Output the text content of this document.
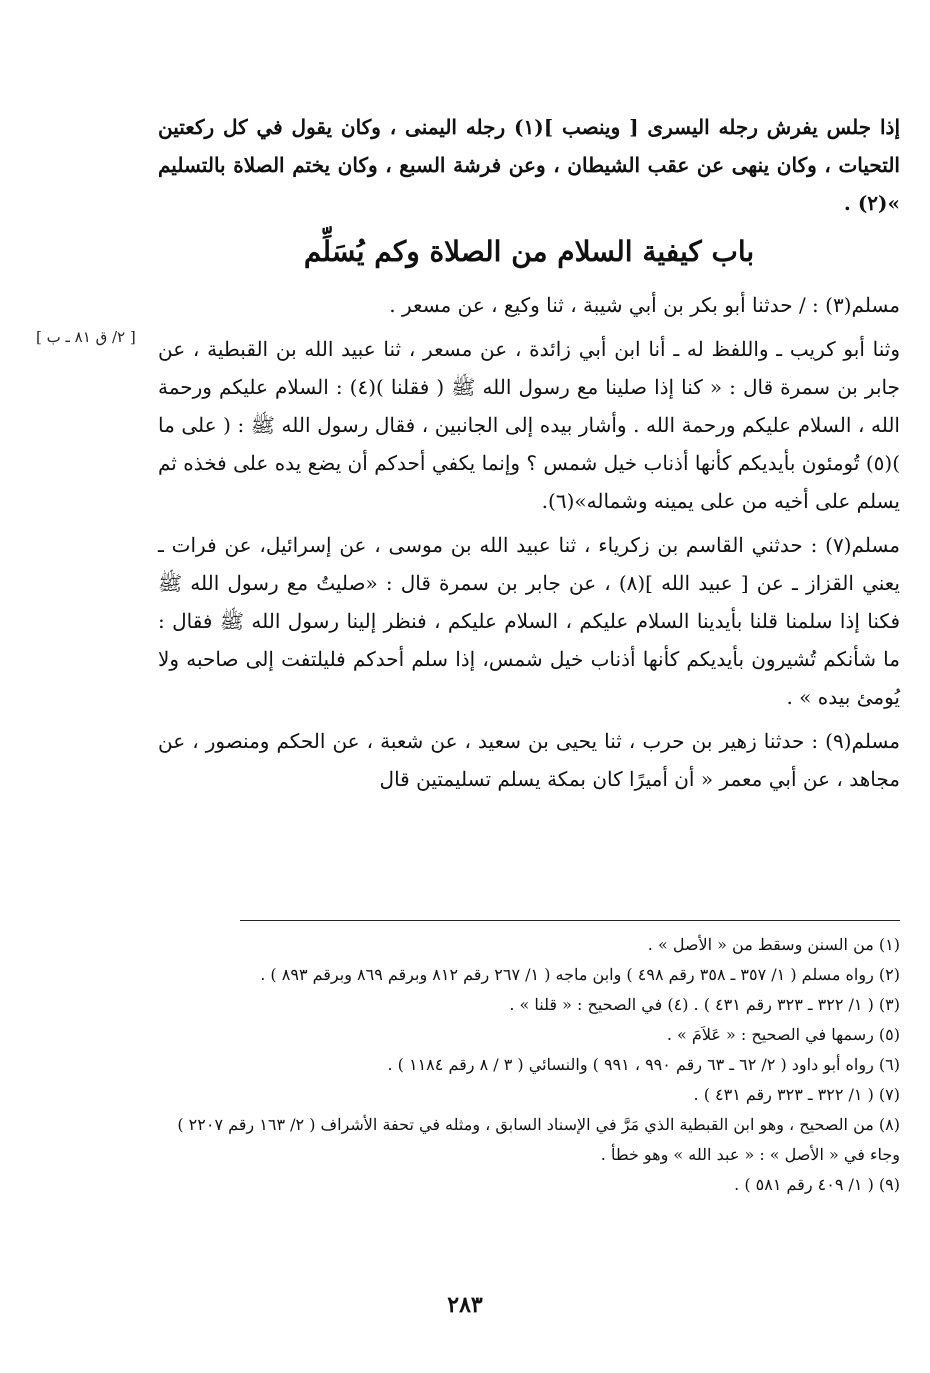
[ ٢/ ق ٨١ ـ ب ]

إذا جلس يفرش رجله اليسرى [ وينصب ](١) رجله اليمنى ، وكان يقول في كل ركعتين التحيات ، وكان ينهى عن عقب الشيطان ، وعن فرشة السبع ، وكان يختم الصلاة بالتسليم »(٢) .

باب كيفية السلام من الصلاة وكم يُسَلِّم

مسلم(٣) : / حدثنا أبو بكر بن أبي شيبة ، ثنا وكيع ، عن مسعر .

وثنا أبو كريب ـ واللفظ له ـ أنا ابن أبي زائدة ، عن مسعر ، ثنا عبيد الله بن القبطية ، عن جابر بن سمرة قال : « كنا إذا صلينا مع رسول الله ﷺ ( فقلنا )(٤) : السلام عليكم ورحمة الله ، السلام عليكم ورحمة الله . وأشار بيده إلى الجانبين ، فقال رسول الله ﷺ : ( على ما )(٥) تُومئون بأيديكم كأنها أذناب خيل شمس ؟ وإنما يكفي أحدكم أن يضع يده على فخذه ثم يسلم على أخيه من على يمينه وشماله»(٦).

مسلم(٧) : حدثني القاسم بن زكرياء ، ثنا عبيد الله بن موسى ، عن إسرائيل، عن فرات ـ يعني القزاز ـ عن [ عبيد الله ](٨) ، عن جابر بن سمرة قال : «صليتُ مع رسول الله ﷺ فكنا إذا سلمنا قلنا بأيدينا السلام عليكم ، السلام عليكم ، فنظر إلينا رسول الله ﷺ فقال : ما شأنكم تُشيرون بأيديكم كأنها أذناب خيل شمس، إذا سلم أحدكم فليلتفت إلى صاحبه ولا يُومئ بيده » .

مسلم(٩) : حدثنا زهير بن حرب ، ثنا يحيى بن سعيد ، عن شعبة ، عن الحكم ومنصور ، عن مجاهد ، عن أبي معمر « أن أميرًا كان بمكة يسلم تسليمتين قال

(١) من السنن وسقط من « الأصل » .

(٢) رواه مسلم ( ١/ ٣٥٧ ـ ٣٥٨ رقم ٤٩٨ ) وابن ماجه ( ١/ ٢٦٧ رقم ٨١٢ وبرقم ٨٦٩ وبرقم ٨٩٣ ) .

(٣) ( ١/ ٣٢٢ ـ ٣٢٣ رقم ٤٣١ ) . (٤) في الصحيح : « قلنا » .

(٥) رسمها في الصحيح : « عَلاَمَ » .

(٦) رواه أبو داود ( ٢/ ٦٢ ـ ٦٣ رقم ٩٩٠ ، ٩٩١ ) والنسائي ( ٣ / ٨ رقم ١١٨٤ ) .

(٧) ( ١/ ٣٢٢ ـ ٣٢٣ رقم ٤٣١ ) .

(٨) من الصحيح ، وهو ابن القبطية الذي مَرَّ في الإسناد السابق ، ومثله في تحفة الأشراف ( ٢/ ١٦٣ رقم ٢٢٠٧ ) وجاء في « الأصل » : « عبد الله » وهو خطأ .

(٩) ( ١/ ٤٠٩ رقم ٥٨١ ) .

٢٨٣
